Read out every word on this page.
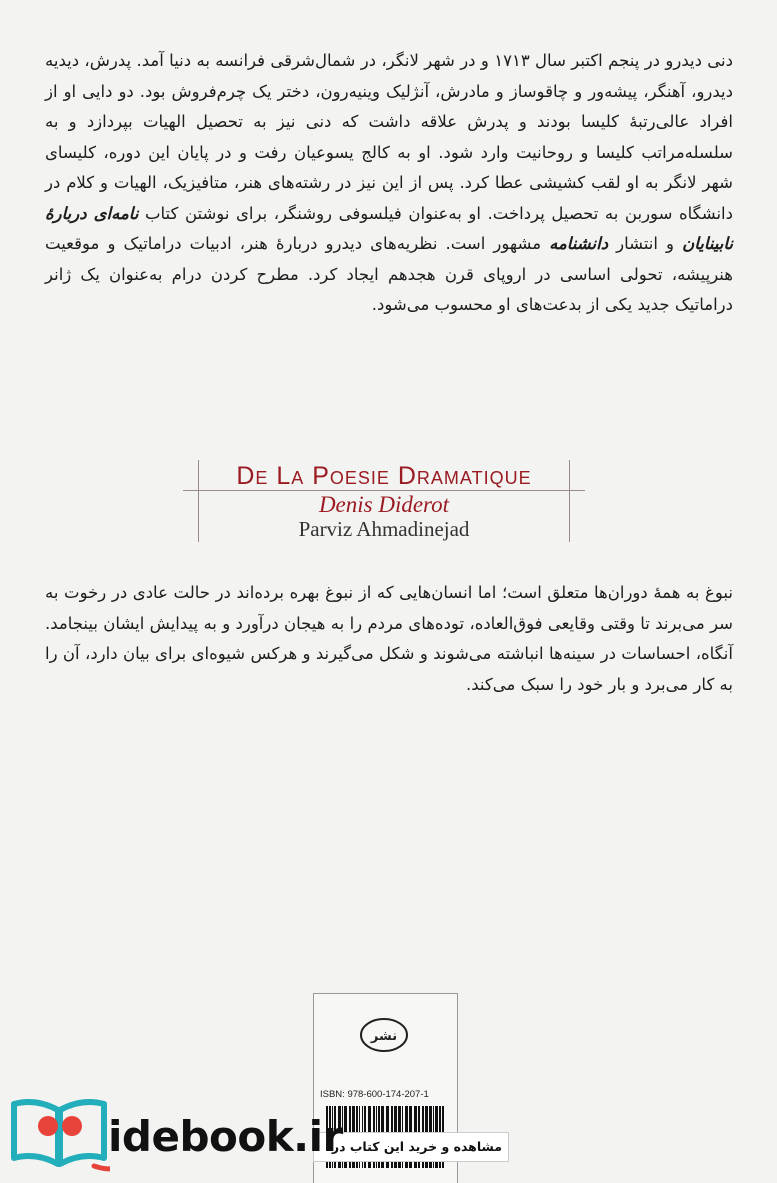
دنی دیدرو در پنجم اکتبر سال ۱۷۱۳ و در شهر لانگر، در شمال‌شرقی فرانسه به دنیا آمد. پدرش، دیدیه دیدرو، آهنگر، پیشه‌ور و چاقوساز و مادرش، آنژلیک وینیه‌رون، دختر یک چرم‌فروش بود. دو دایی او از افراد عالی‌رتبهٔ کلیسا بودند و پدرش علاقه داشت که دنی نیز به تحصیل الهیات بپردازد و به سلسله‌مراتب کلیسا و روحانیت وارد شود. او به کالج یسوعیان رفت و در پایان این دوره، کلیسای شهر لانگر به او لقب کشیشی عطا کرد. پس از این نیز در رشته‌های هنر، متافیزیک، الهیات و کلام در دانشگاه سوربن به تحصیل پرداخت. او به‌عنوان فیلسوفی روشنگر، برای نوشتن کتاب نامه‌ای دربارهٔ نابینایان و انتشار دانشنامه مشهور است. نظریه‌های دیدرو دربارهٔ هنر، ادبیات دراماتیک و موقعیت هنرپیشه، تحولی اساسی در اروپای قرن هجدهم ایجاد کرد. مطرح کردن درام به‌عنوان یک ژانر دراماتیک جدید یکی از بدعت‌های او محسوب می‌شود.

De La Poesie Dramatique

Denis Diderot

Parviz Ahmadinejad

نبوغ به همهٔ دوران‌ها متعلق است؛ اما انسان‌هایی که از نبوغ بهره برده‌اند در حالت عادی در رخوت به سر می‌برند تا وقتی وقایعی فوق‌العاده، توده‌های مردم را به هیجان درآورد و به پیدایش ایشان بینجامد. آنگاه، احساسات در سینه‌ها انباشته می‌شوند و شکل می‌گیرند و هرکس شیوه‌ای برای بیان دارد، آن را به کار می‌برد و بار خود را سبک می‌کند.

نشر

ISBN: 978-600-174-207-1

مشاهده و خرید این کتاب در:

idebook.ir
